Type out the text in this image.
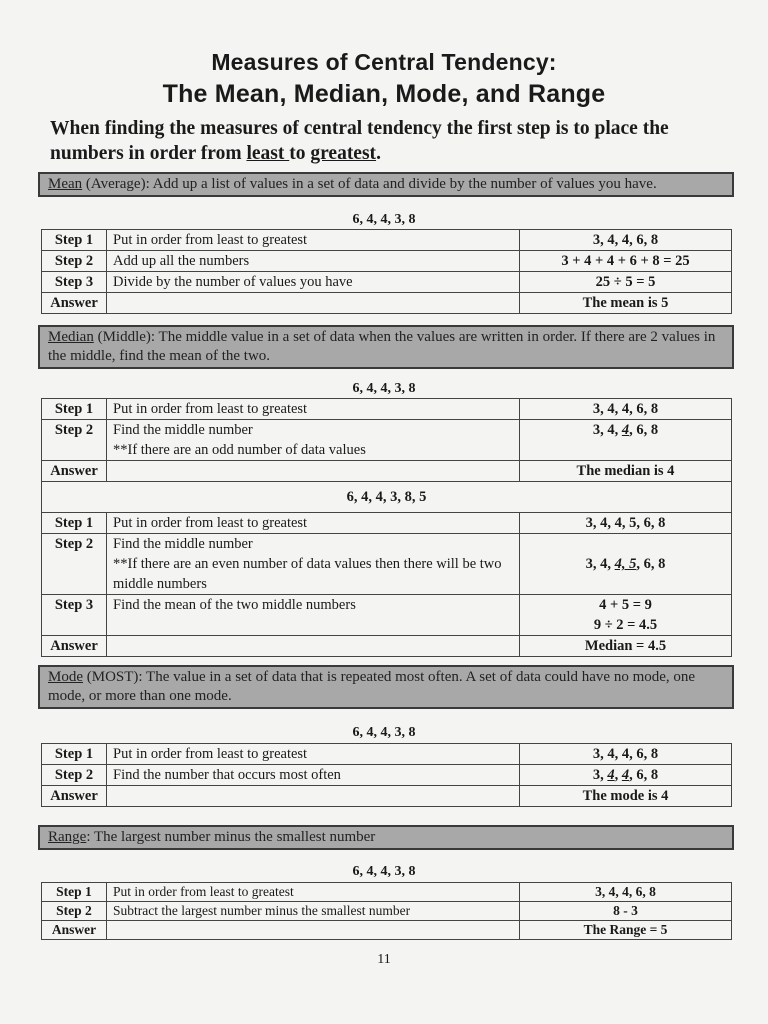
Measures of Central Tendency:
The Mean, Median, Mode, and Range
When finding the measures of central tendency the first step is to place the
numbers in order from least to greatest.
Mean (Average): Add up a list of values in a set of data and divide by the number of values you have.
6, 4, 4, 3, 8
Step 1	Put in order from least to greatest	3, 4, 4, 6, 8
Step 2	Add up all the numbers	3 + 4 + 4 + 6 + 8 = 25
Step 3	Divide by the number of values you have	25 ÷ 5 = 5
Answer		The mean is 5
Median (Middle): The middle value in a set of data when the values are written in order. If there are 2 values in the middle, find the mean of the two.
6, 4, 4, 3, 8
Step 1	Put in order from least to greatest	3, 4, 4, 6, 8
Step 2	Find the middle number
**If there are an odd number of data values	3, 4, 4, 6, 8
Answer		The median is 4
6, 4, 4, 3, 8, 5		
Step 1	Put in order from least to greatest	3, 4, 4, 5, 6, 8
Step 2	Find the middle number
**If there are an even number of data values then there will be two middle numbers	3, 4, 4, 5, 6, 8
Step 3	Find the mean of the two middle numbers	4 + 5 = 9
9 ÷ 2 = 4.5

Answer		Median = 4.5
Mode (MOST): The value in a set of data that is repeated most often. A set of data could have no mode, one mode, or more than one mode.
6, 4, 4, 3, 8
Step 1	Put in order from least to greatest	3, 4, 4, 6, 8
Step 2	Find the number that occurs most often	3, 4, 4, 6, 8
Answer		The mode is 4
Range: The largest number minus the smallest number
6, 4, 4, 3, 8
Step 1	Put in order from least to greatest	3, 4, 4, 6, 8
Step 2	Subtract the largest number minus the smallest number	8 - 3
Answer		The Range = 5
11
